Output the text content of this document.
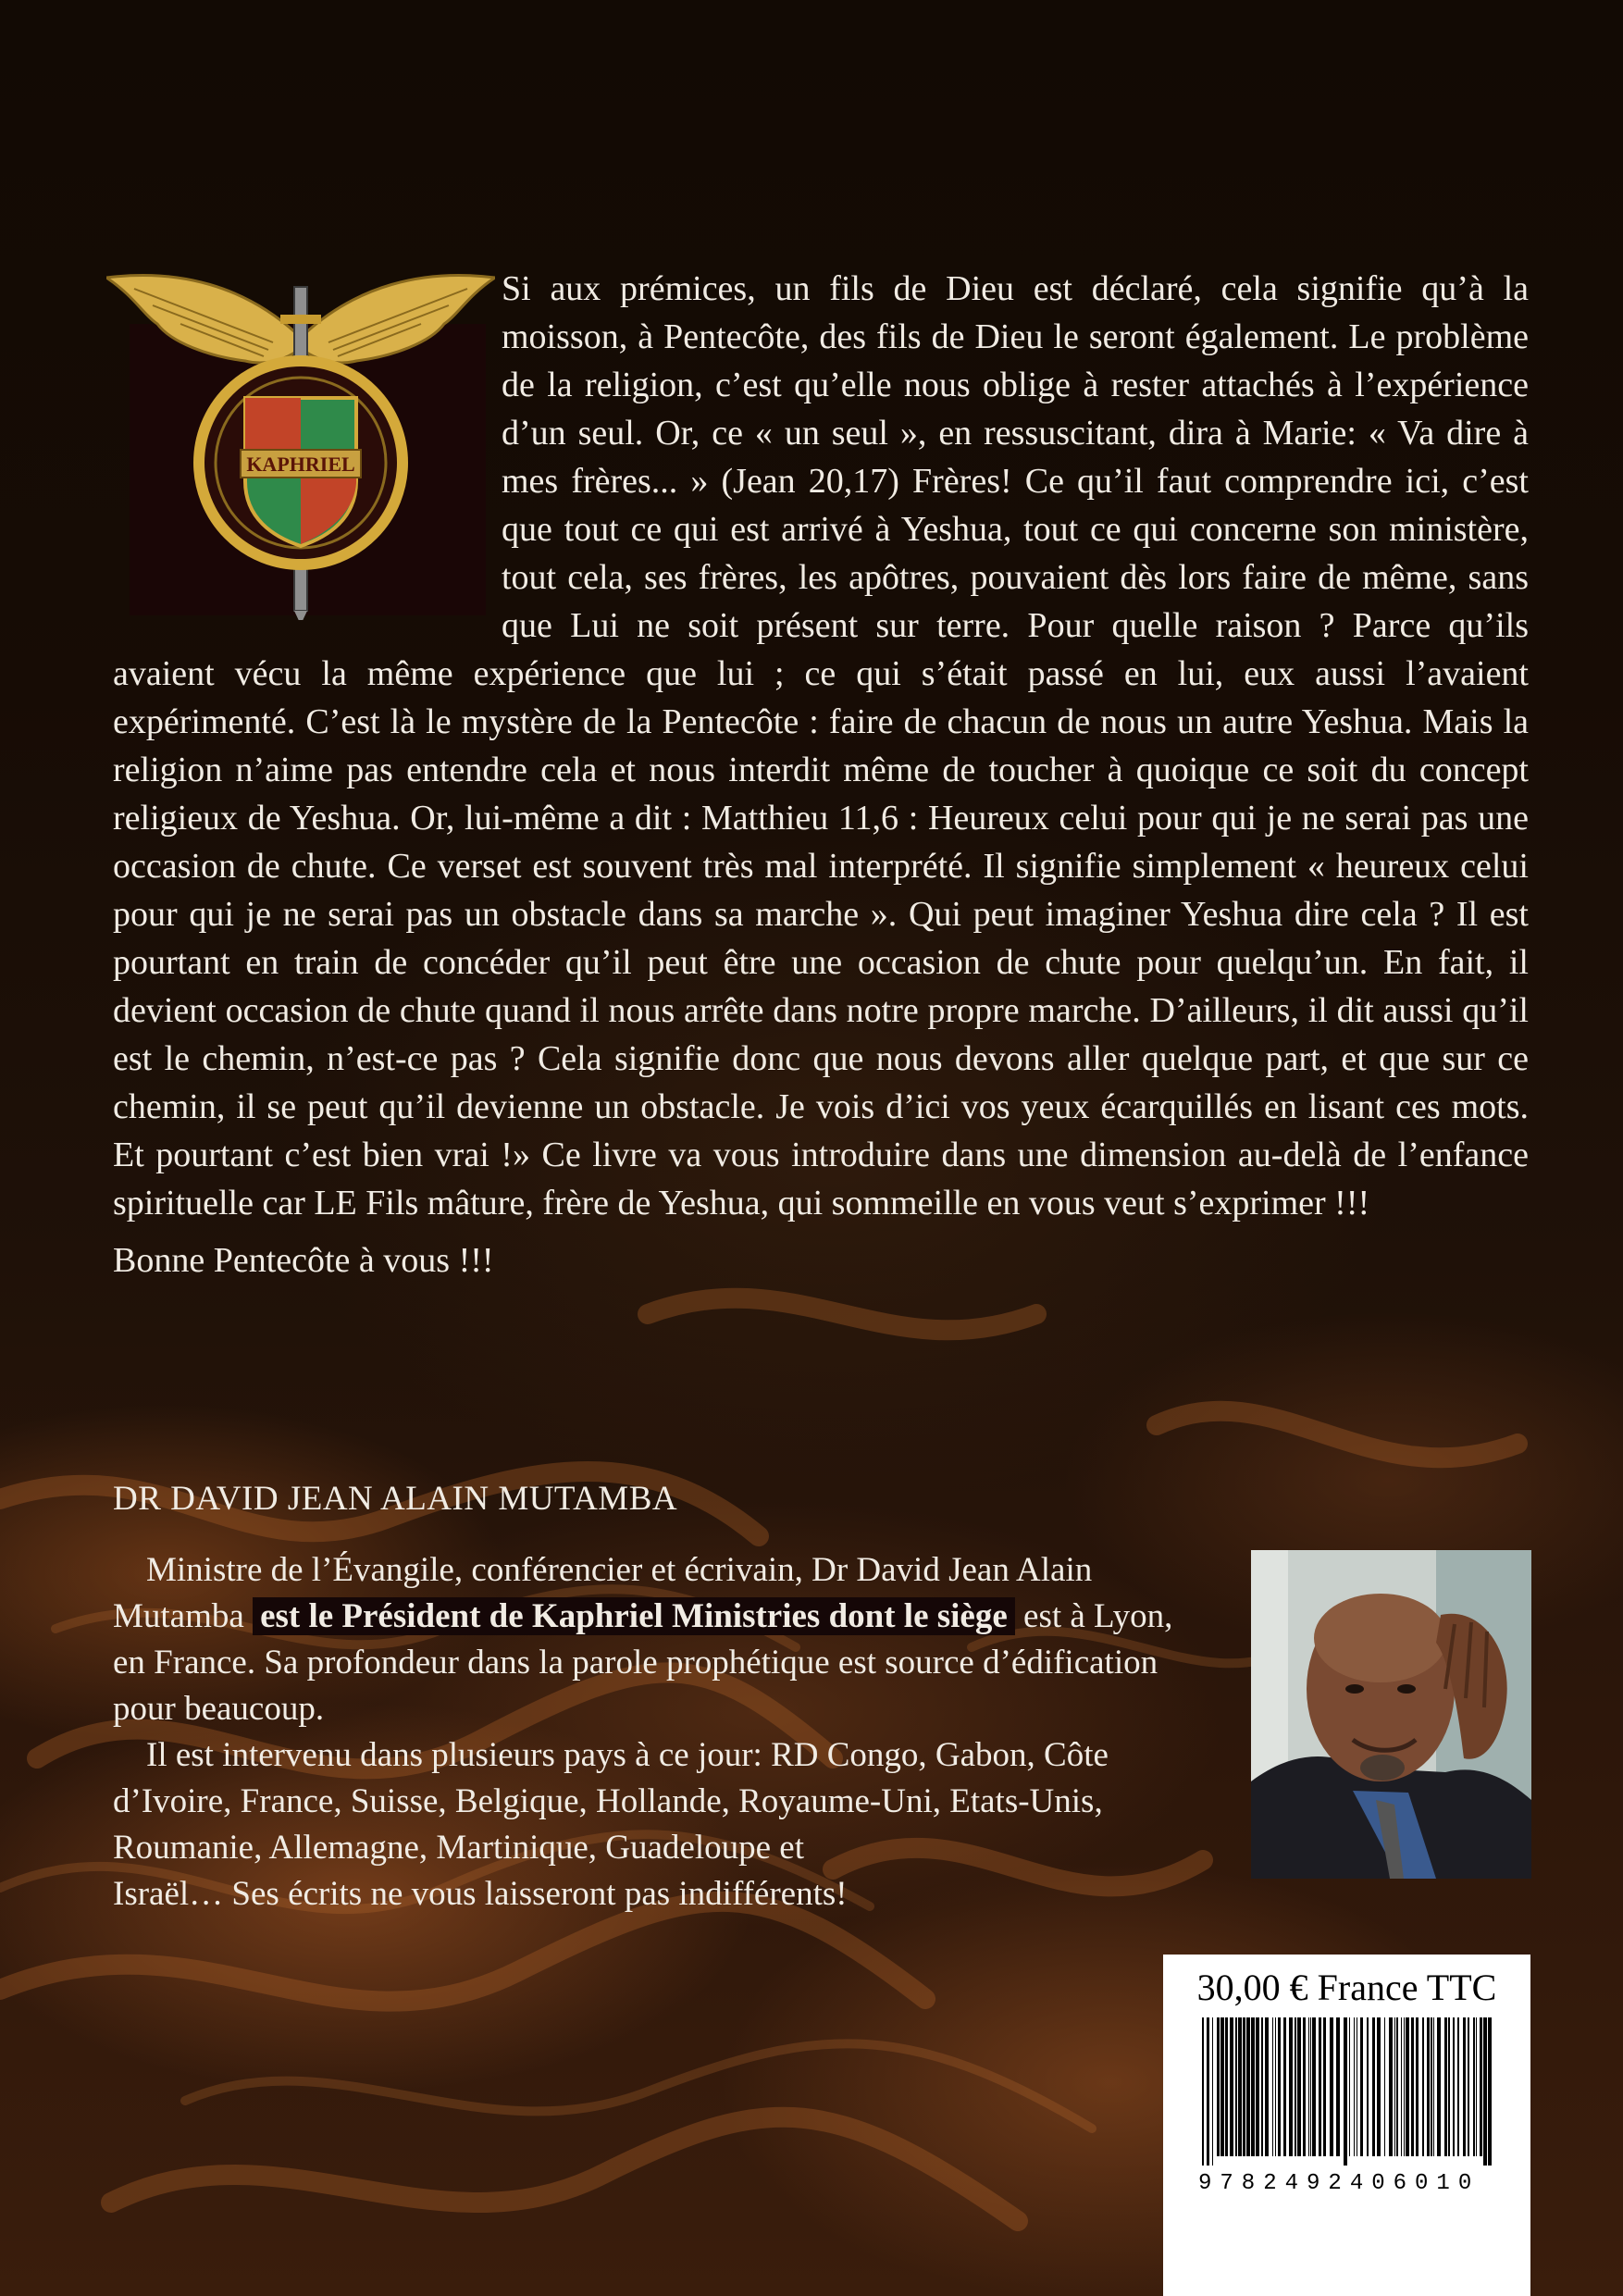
KAPHRIEL

Si aux prémices, un fils de Dieu est déclaré, cela signifie qu’à la moisson, à Pentecôte, des fils de Dieu le seront également. Le problème de la religion, c’est qu’elle nous oblige à rester attachés à l’expérience d’un seul. Or, ce « un seul », en ressuscitant, dira à Marie: « Va dire à mes frères... » (Jean 20,17) Frères! Ce qu’il faut comprendre ici, c’est que tout ce qui est arrivé à Yeshua, tout ce qui concerne son ministère, tout cela, ses frères, les apôtres, pouvaient dès lors faire de même, sans que Lui ne soit présent sur terre. Pour quelle raison ? Parce qu’ils avaient vécu la même expérience que lui ; ce qui s’était passé en lui, eux aussi l’avaient expérimenté. C’est là le mystère de la Pentecôte : faire de chacun de nous un autre Yeshua. Mais la religion n’aime pas entendre cela et nous interdit même de toucher à quoique ce soit du concept religieux de Yeshua. Or, lui-même a dit : Matthieu 11,6 : Heureux celui pour qui je ne serai pas une occasion de chute. Ce verset est souvent très mal interprété. Il signifie simplement « heureux celui pour qui je ne serai pas un obstacle dans sa marche ». Qui peut imaginer Yeshua dire cela ? Il est pourtant en train de concéder qu’il peut être une occasion de chute pour quelqu’un. En fait, il devient occasion de chute quand il nous arrête dans notre propre marche. D’ailleurs, il dit aussi qu’il est le chemin, n’est-ce pas ? Cela signifie donc que nous devons aller quelque part, et que sur ce chemin, il se peut qu’il devienne un obstacle. Je vois d’ici vos yeux écarquillés en lisant ces mots. Et pourtant c’est bien vrai !» Ce livre va vous introduire dans une dimension au-delà de l’enfance spirituelle car LE Fils mâture, frère de Yeshua, qui sommeille en vous veut s’exprimer !!!

Bonne Pentecôte à vous !!!

DR DAVID JEAN ALAIN MUTAMBA

Ministre de l’Évangile, conférencier et écrivain, Dr David Jean Alain Mutamba est le Président de Kaphriel Ministries dont le siège est à Lyon, en France. Sa profondeur dans la parole prophétique est source d’édification pour beaucoup.

Il est intervenu dans plusieurs pays à ce jour: RD Congo, Gabon, Côte d’Ivoire, France, Suisse, Belgique, Hollande, Royaume-Uni, Etats-Unis, Roumanie, Allemagne, Martinique, Guadeloupe et

Israël… Ses écrits ne vous laisseront pas indifférents!

30,00 € France TTC
9782492406010
